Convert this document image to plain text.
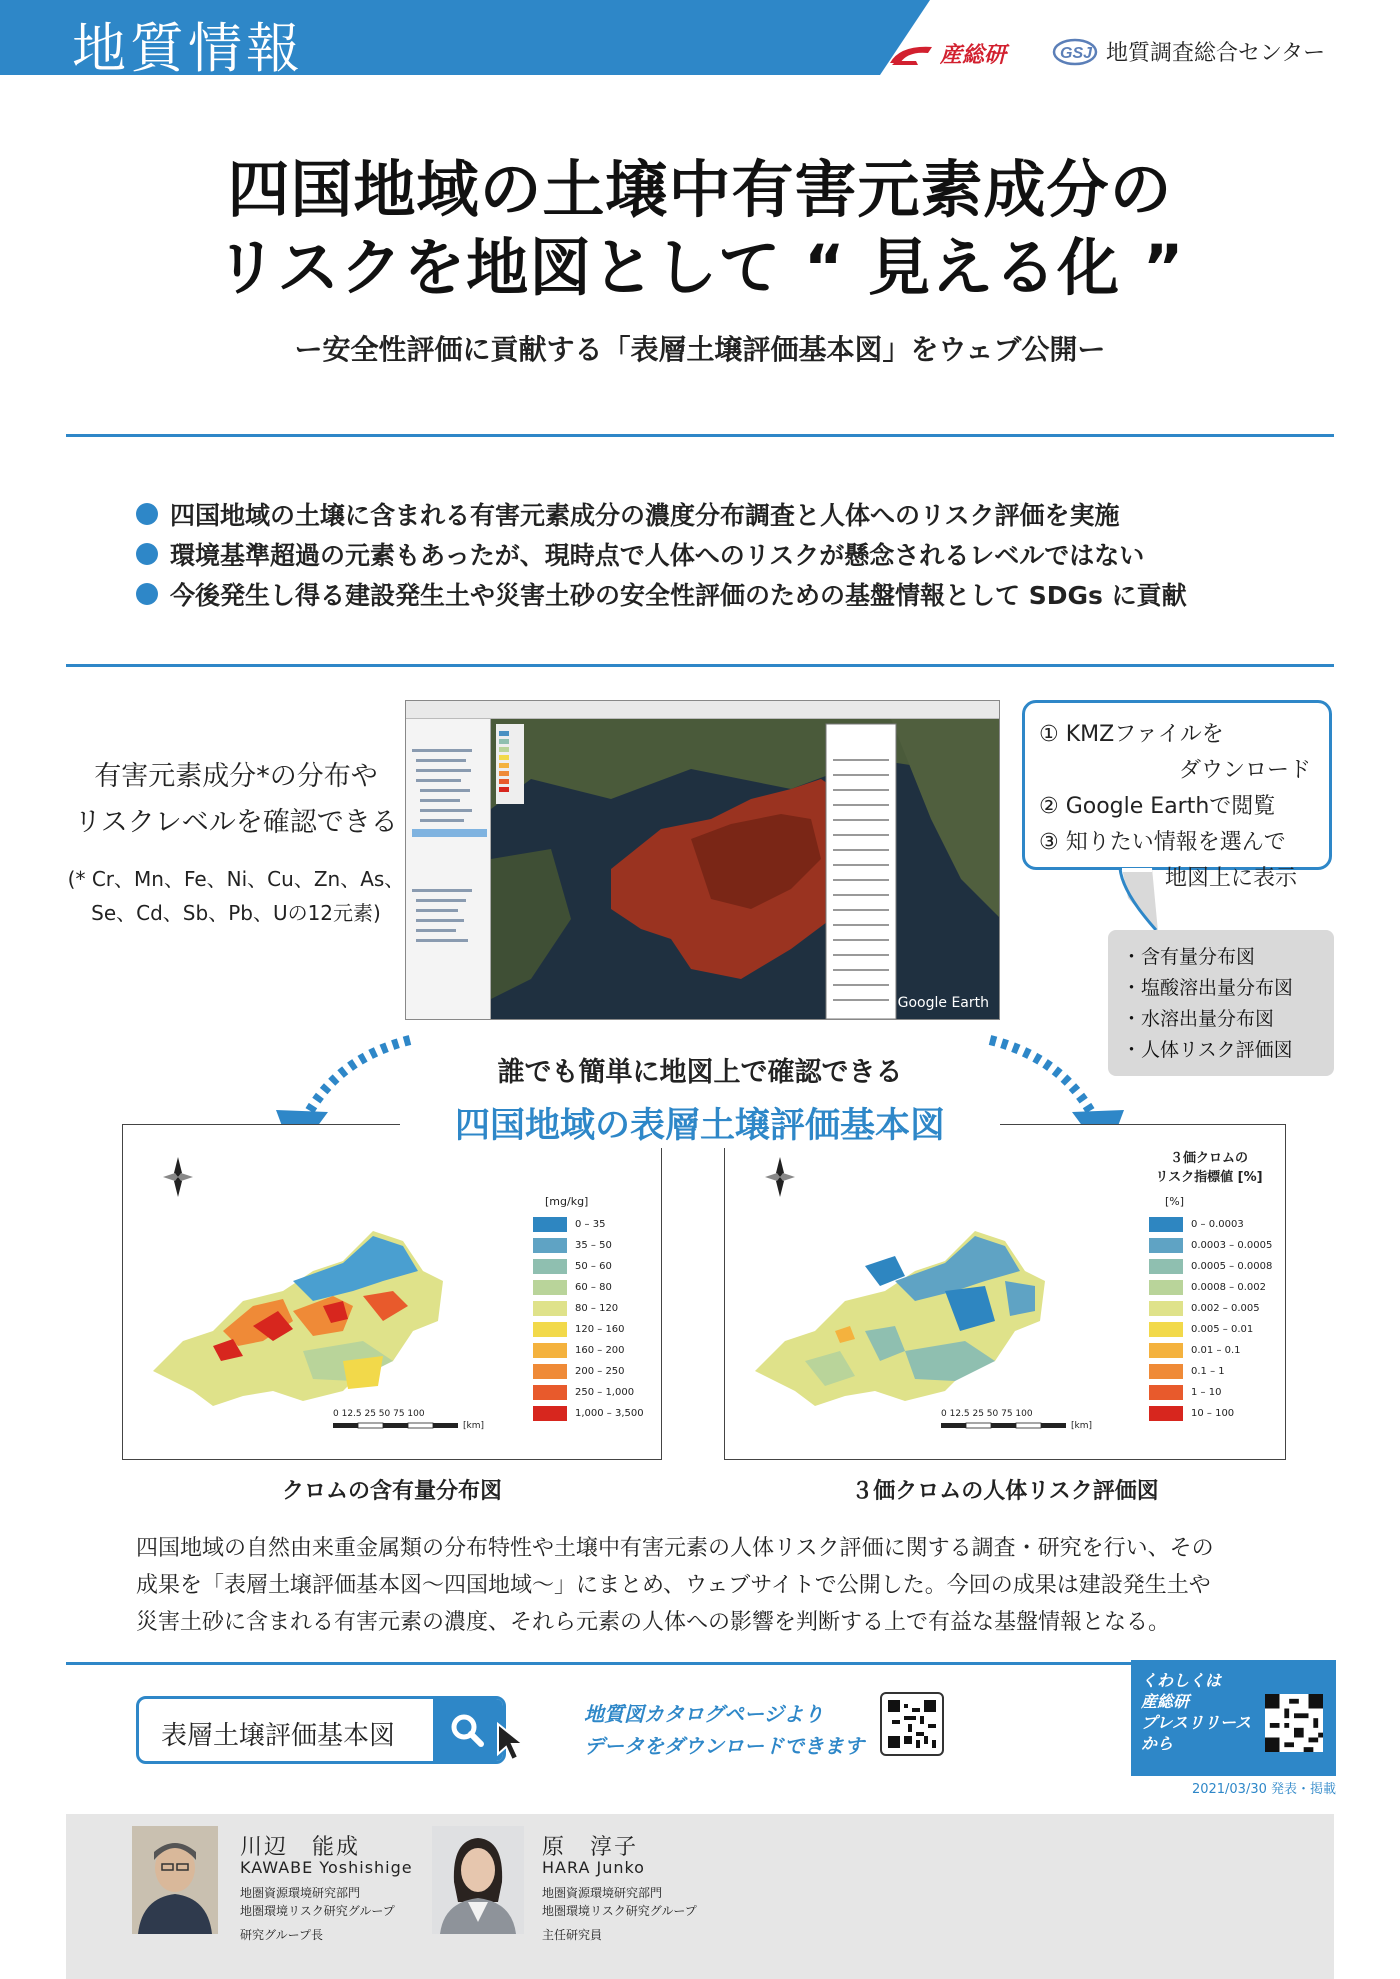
地質情報	産総研	GSJ 地質調査総合センター
四国地域の土壌中有害元素成分の
リスクを地図として “ 見える化 ”
ー安全性評価に貢献する「表層土壌評価基本図」をウェブ公開ー
四国地域の土壌に含まれる有害元素成分の濃度分布調査と人体へのリスク評価を実施
環境基準超過の元素もあったが、現時点で人体へのリスクが懸念されるレベルではない
今後発生し得る建設発生土や災害土砂の安全性評価のための基盤情報として SDGs に貢献
有害元素成分*の分布や
リスクレベルを確認できる
(* Cr、Mn、Fe、Ni、Cu、Zn、As、
Se、Cd、Sb、Pb、Uの12元素)
Google Earth
① KMZファイルを
ダウンロード
② Google Earthで閲覧
③ 知りたい情報を選んで
地図上に表示
・含有量分布図
・塩酸溶出量分布図
・水溶出量分布図
・人体リスク評価図
誰でも簡単に地図上で確認できる
[mg/kg]
0 – 35
35 – 50
50 – 60
60 – 80
80 – 120
120 – 160
160 – 200
200 – 250
250 – 1,000
1,000 – 3,500
0 12.5 25 50 75 100
[km]
３価クロムの
リスク指標値 [%]
[%]
0 – 0.0003
0.0003 – 0.0005
0.0005 – 0.0008
0.0008 – 0.002
0.002 – 0.005
0.005 – 0.01
0.01 – 0.1
0.1 – 1
1 – 10
10 – 100
0 12.5 25 50 75 100
[km]
四国地域の表層土壌評価基本図
クロムの含有量分布図	３価クロムの人体リスク評価図
四国地域の自然由来重金属類の分布特性や土壌中有害元素の人体リスク評価に関する調査・研究を行い、その
成果を「表層土壌評価基本図〜四国地域〜」にまとめ、ウェブサイトで公開した。今回の成果は建設発生土や
災害土砂に含まれる有害元素の濃度、それら元素の人体への影響を判断する上で有益な基盤情報となる。
表層土壌評価基本図
地質図カタログページより
データをダウンロードできます
くわしくは
産総研
プレスリリース
から
2021/03/30 発表・掲載
川辺　能成
KAWABE Yoshishige
地圏資源環境研究部門
地圏環境リスク研究グループ
研究グループ長
原　淳子
HARA Junko
地圏資源環境研究部門
地圏環境リスク研究グループ
主任研究員
